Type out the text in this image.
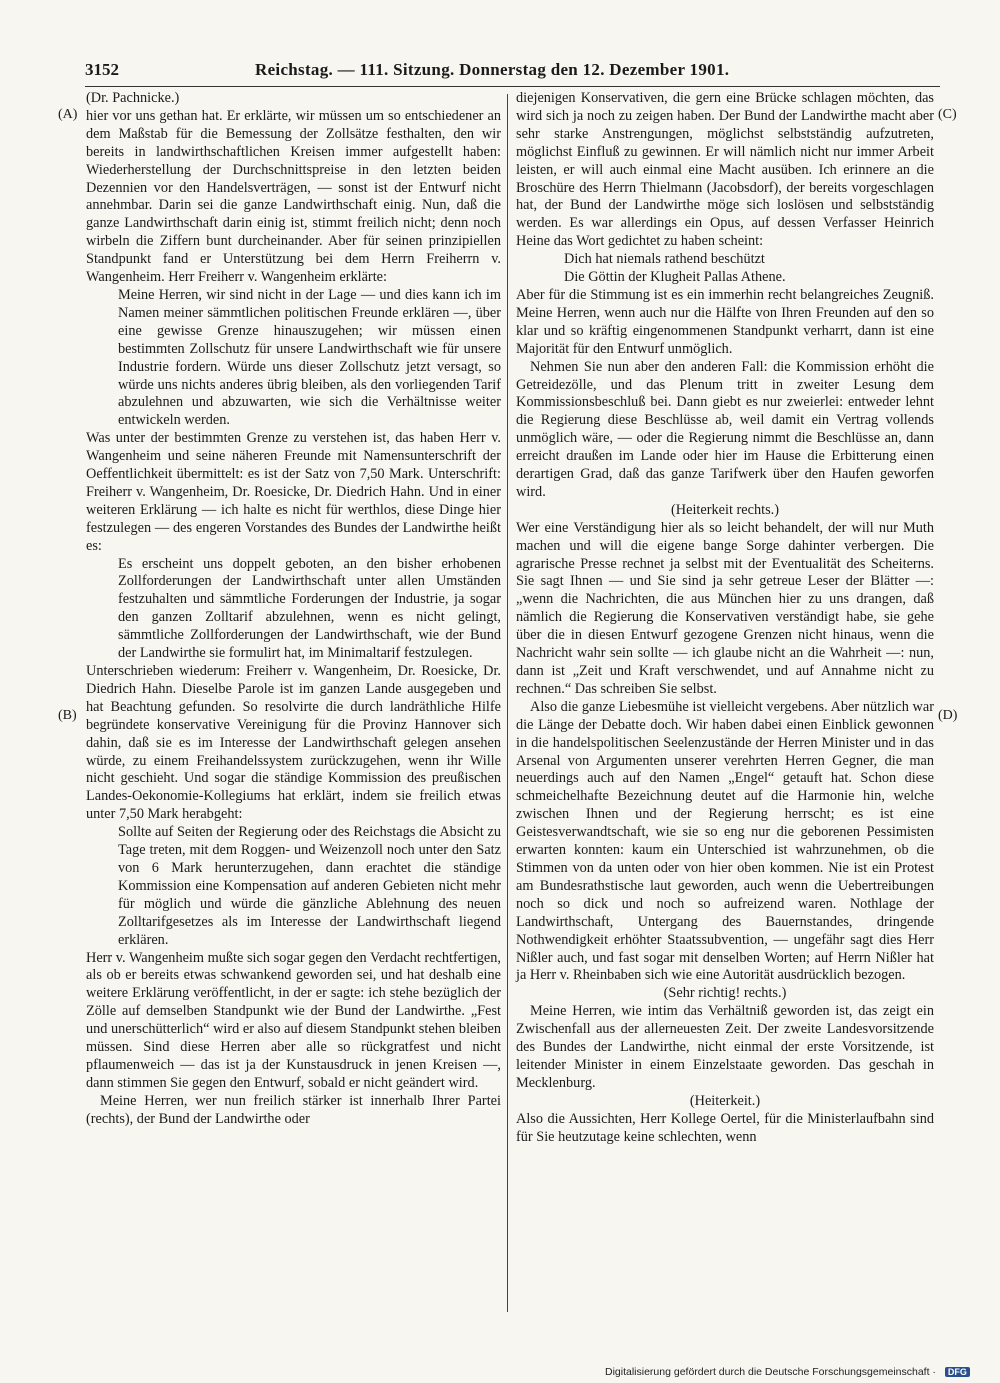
3152	Reichstag. — 111. Sitzung. Donnerstag den 12. Dezember 1901.
(A)
(B)
(C)
(D)

(Dr. Pachnicke.)

hier vor uns gethan hat. Er erklärte, wir müssen um so entschiedener an dem Maßstab für die Bemessung der Zollsätze festhalten, den wir bereits in landwirthschaftlichen Kreisen immer aufgestellt haben: Wiederherstellung der Durchschnittspreise in den letzten beiden Dezennien vor den Handelsverträgen, — sonst ist der Entwurf nicht annehmbar. Darin sei die ganze Landwirthschaft einig. Nun, daß die ganze Landwirthschaft darin einig ist, stimmt freilich nicht; denn noch wirbeln die Ziffern bunt durcheinander. Aber für seinen prinzipiellen Standpunkt fand er Unterstützung bei dem Herrn Freiherrn v. Wangenheim. Herr Freiherr v. Wangenheim erklärte:

Meine Herren, wir sind nicht in der Lage — und dies kann ich im Namen meiner sämmtlichen politischen Freunde erklären —, über eine gewisse Grenze hinauszugehen; wir müssen einen bestimmten Zollschutz für unsere Landwirthschaft wie für unsere Industrie fordern. Würde uns dieser Zollschutz jetzt versagt, so würde uns nichts anderes übrig bleiben, als den vorliegenden Tarif abzulehnen und abzuwarten, wie sich die Verhältnisse weiter entwickeln werden.

Was unter der bestimmten Grenze zu verstehen ist, das haben Herr v. Wangenheim und seine näheren Freunde mit Namensunterschrift der Oeffentlichkeit übermittelt: es ist der Satz von 7,50 Mark. Unterschrift: Freiherr v. Wangenheim, Dr. Roesicke, Dr. Diedrich Hahn. Und in einer weiteren Erklärung — ich halte es nicht für werthlos, diese Dinge hier festzulegen — des engeren Vorstandes des Bundes der Landwirthe heißt es:

Es erscheint uns doppelt geboten, an den bisher erhobenen Zollforderungen der Landwirthschaft unter allen Umständen festzuhalten und sämmtliche Forderungen der Industrie, ja sogar den ganzen Zolltarif abzulehnen, wenn es nicht gelingt, sämmtliche Zollforderungen der Landwirthschaft, wie der Bund der Landwirthe sie formulirt hat, im Minimaltarif festzulegen.

Unterschrieben wiederum: Freiherr v. Wangenheim, Dr. Roesicke, Dr. Diedrich Hahn. Dieselbe Parole ist im ganzen Lande ausgegeben und hat Beachtung gefunden. So resolvirte die durch landräthliche Hilfe begründete konservative Vereinigung für die Provinz Hannover sich dahin, daß sie es im Interesse der Landwirthschaft gelegen ansehen würde, zu einem Freihandelssystem zurückzugehen, wenn ihr Wille nicht geschieht. Und sogar die ständige Kommission des preußischen Landes-Oekonomie-Kollegiums hat erklärt, indem sie freilich etwas unter 7,50 Mark herabgeht:

Sollte auf Seiten der Regierung oder des Reichstags die Absicht zu Tage treten, mit dem Roggen- und Weizenzoll noch unter den Satz von 6 Mark herunterzugehen, dann erachtet die ständige Kommission eine Kompensation auf anderen Gebieten nicht mehr für möglich und würde die gänzliche Ablehnung des neuen Zolltarifgesetzes als im Interesse der Landwirthschaft liegend erklären.

Herr v. Wangenheim mußte sich sogar gegen den Verdacht rechtfertigen, als ob er bereits etwas schwankend geworden sei, und hat deshalb eine weitere Erklärung veröffentlicht, in der er sagte: ich stehe bezüglich der Zölle auf demselben Standpunkt wie der Bund der Landwirthe. „Fest und unerschütterlich“ wird er also auf diesem Standpunkt stehen bleiben müssen. Sind diese Herren aber alle so rückgratfest und nicht pflaumenweich — das ist ja der Kunstausdruck in jenen Kreisen —, dann stimmen Sie gegen den Entwurf, sobald er nicht geändert wird.

Meine Herren, wer nun freilich stärker ist innerhalb Ihrer Partei (rechts), der Bund der Landwirthe oder

diejenigen Konservativen, die gern eine Brücke schlagen möchten, das wird sich ja noch zu zeigen haben. Der Bund der Landwirthe macht aber sehr starke Anstrengungen, möglichst selbstständig aufzutreten, möglichst Einfluß zu gewinnen. Er will nämlich nicht nur immer Arbeit leisten, er will auch einmal eine Macht ausüben. Ich erinnere an die Broschüre des Herrn Thielmann (Jacobsdorf), der bereits vorgeschlagen hat, der Bund der Landwirthe möge sich loslösen und selbstständig werden. Es war allerdings ein Opus, auf dessen Verfasser Heinrich Heine das Wort gedichtet zu haben scheint:

Dich hat niemals rathend beschützt

Die Göttin der Klugheit Pallas Athene.

Aber für die Stimmung ist es ein immerhin recht belangreiches Zeugniß. Meine Herren, wenn auch nur die Hälfte von Ihren Freunden auf den so klar und so kräftig eingenommenen Standpunkt verharrt, dann ist eine Majorität für den Entwurf unmöglich.

Nehmen Sie nun aber den anderen Fall: die Kommission erhöht die Getreidezölle, und das Plenum tritt in zweiter Lesung dem Kommissionsbeschluß bei. Dann giebt es nur zweierlei: entweder lehnt die Regierung diese Beschlüsse ab, weil damit ein Vertrag vollends unmöglich wäre, — oder die Regierung nimmt die Beschlüsse an, dann erreicht draußen im Lande oder hier im Hause die Erbitterung einen derartigen Grad, daß das ganze Tarifwerk über den Haufen geworfen wird.

(Heiterkeit rechts.)

Wer eine Verständigung hier als so leicht behandelt, der will nur Muth machen und will die eigene bange Sorge dahinter verbergen. Die agrarische Presse rechnet ja selbst mit der Eventualität des Scheiterns. Sie sagt Ihnen — und Sie sind ja sehr getreue Leser der Blätter —: „wenn die Nachrichten, die aus München hier zu uns drangen, daß nämlich die Regierung die Konservativen verständigt habe, sie gehe über die in diesen Entwurf gezogene Grenzen nicht hinaus, wenn die Nachricht wahr sein sollte — ich glaube nicht an die Wahrheit —: nun, dann ist „Zeit und Kraft verschwendet, und auf Annahme nicht zu rechnen.“ Das schreiben Sie selbst.

Also die ganze Liebesmühe ist vielleicht vergebens. Aber nützlich war die Länge der Debatte doch. Wir haben dabei einen Einblick gewonnen in die handelspolitischen Seelenzustände der Herren Minister und in das Arsenal von Argumenten unserer verehrten Herren Gegner, die man neuerdings auch auf den Namen „Engel“ getauft hat. Schon diese schmeichelhafte Bezeichnung deutet auf die Harmonie hin, welche zwischen Ihnen und der Regierung herrscht; es ist eine Geistesverwandtschaft, wie sie so eng nur die geborenen Pessimisten erwarten konnten: kaum ein Unterschied ist wahrzunehmen, ob die Stimmen von da unten oder von hier oben kommen. Nie ist ein Protest am Bundesrathstische laut geworden, auch wenn die Uebertreibungen noch so dick und noch so aufreizend waren. Nothlage der Landwirthschaft, Untergang des Bauernstandes, dringende Nothwendigkeit erhöhter Staatssubvention, — ungefähr sagt dies Herr Nißler auch, und fast sogar mit denselben Worten; auf Herrn Nißler hat ja Herr v. Rheinbaben sich wie eine Autorität ausdrücklich bezogen.

(Sehr richtig! rechts.)

Meine Herren, wie intim das Verhältniß geworden ist, das zeigt ein Zwischenfall aus der allerneuesten Zeit. Der zweite Landesvorsitzende des Bundes der Landwirthe, nicht einmal der erste Vorsitzende, ist leitender Minister in einem Einzelstaate geworden. Das geschah in Mecklenburg.

(Heiterkeit.)

Also die Aussichten, Herr Kollege Oertel, für die Ministerlaufbahn sind für Sie heutzutage keine schlechten, wenn

Digitalisierung gefördert durch die Deutsche Forschungsgemeinschaft · DFG
